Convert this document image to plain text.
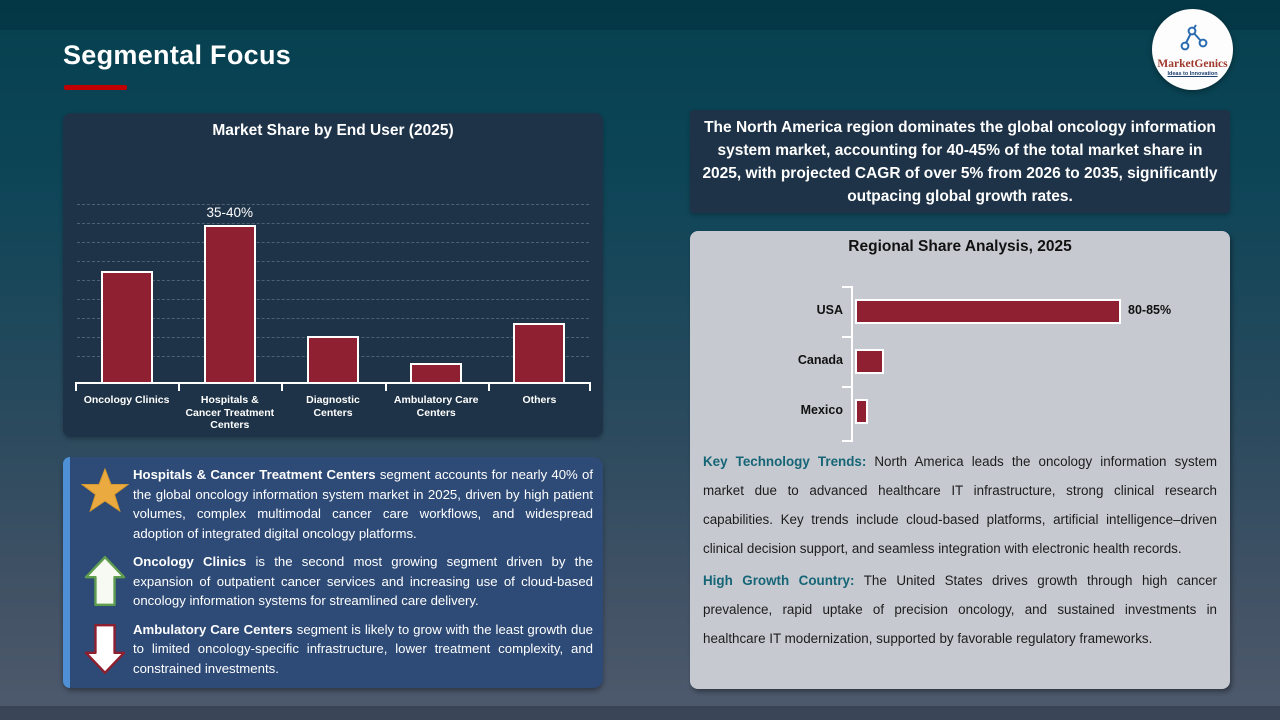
Segmental Focus	MarketGenics
Ideas to Innovation
Market Share by End User (2025)
35-40%
Oncology Clinics	Hospitals & Cancer Treatment Centers
Diagnostic Centers
Ambulatory Care Centers
Others
Hospitals & Cancer Treatment Centers segment accounts for nearly 40% of the global oncology information system market in 2025, driven by high patient volumes, complex multimodal cancer care workflows, and widespread adoption of integrated digital oncology platforms.
Oncology Clinics is the second most growing segment driven by the expansion of outpatient cancer services and increasing use of cloud-based oncology information systems for streamlined care delivery.
Ambulatory Care Centers segment is likely to grow with the least growth due to limited oncology-specific infrastructure, lower treatment complexity, and constrained investments.
The North America region dominates the global oncology information system market, accounting for 40-45% of the total market share in 2025, with projected CAGR of over 5% from 2026 to 2035, significantly outpacing global growth rates.
Regional Share Analysis, 2025

Key Technology Trends: North America leads the oncology information system market due to advanced healthcare IT infrastructure, strong clinical research capabilities. Key trends include cloud-based platforms, artificial intelligence–driven clinical decision support, and seamless integration with electronic health records.

High Growth Country: The United States drives growth through high cancer prevalence, rapid uptake of precision oncology, and sustained investments in healthcare IT modernization, supported by favorable regulatory frameworks.

USA	80-85%
Canada
Mexico
